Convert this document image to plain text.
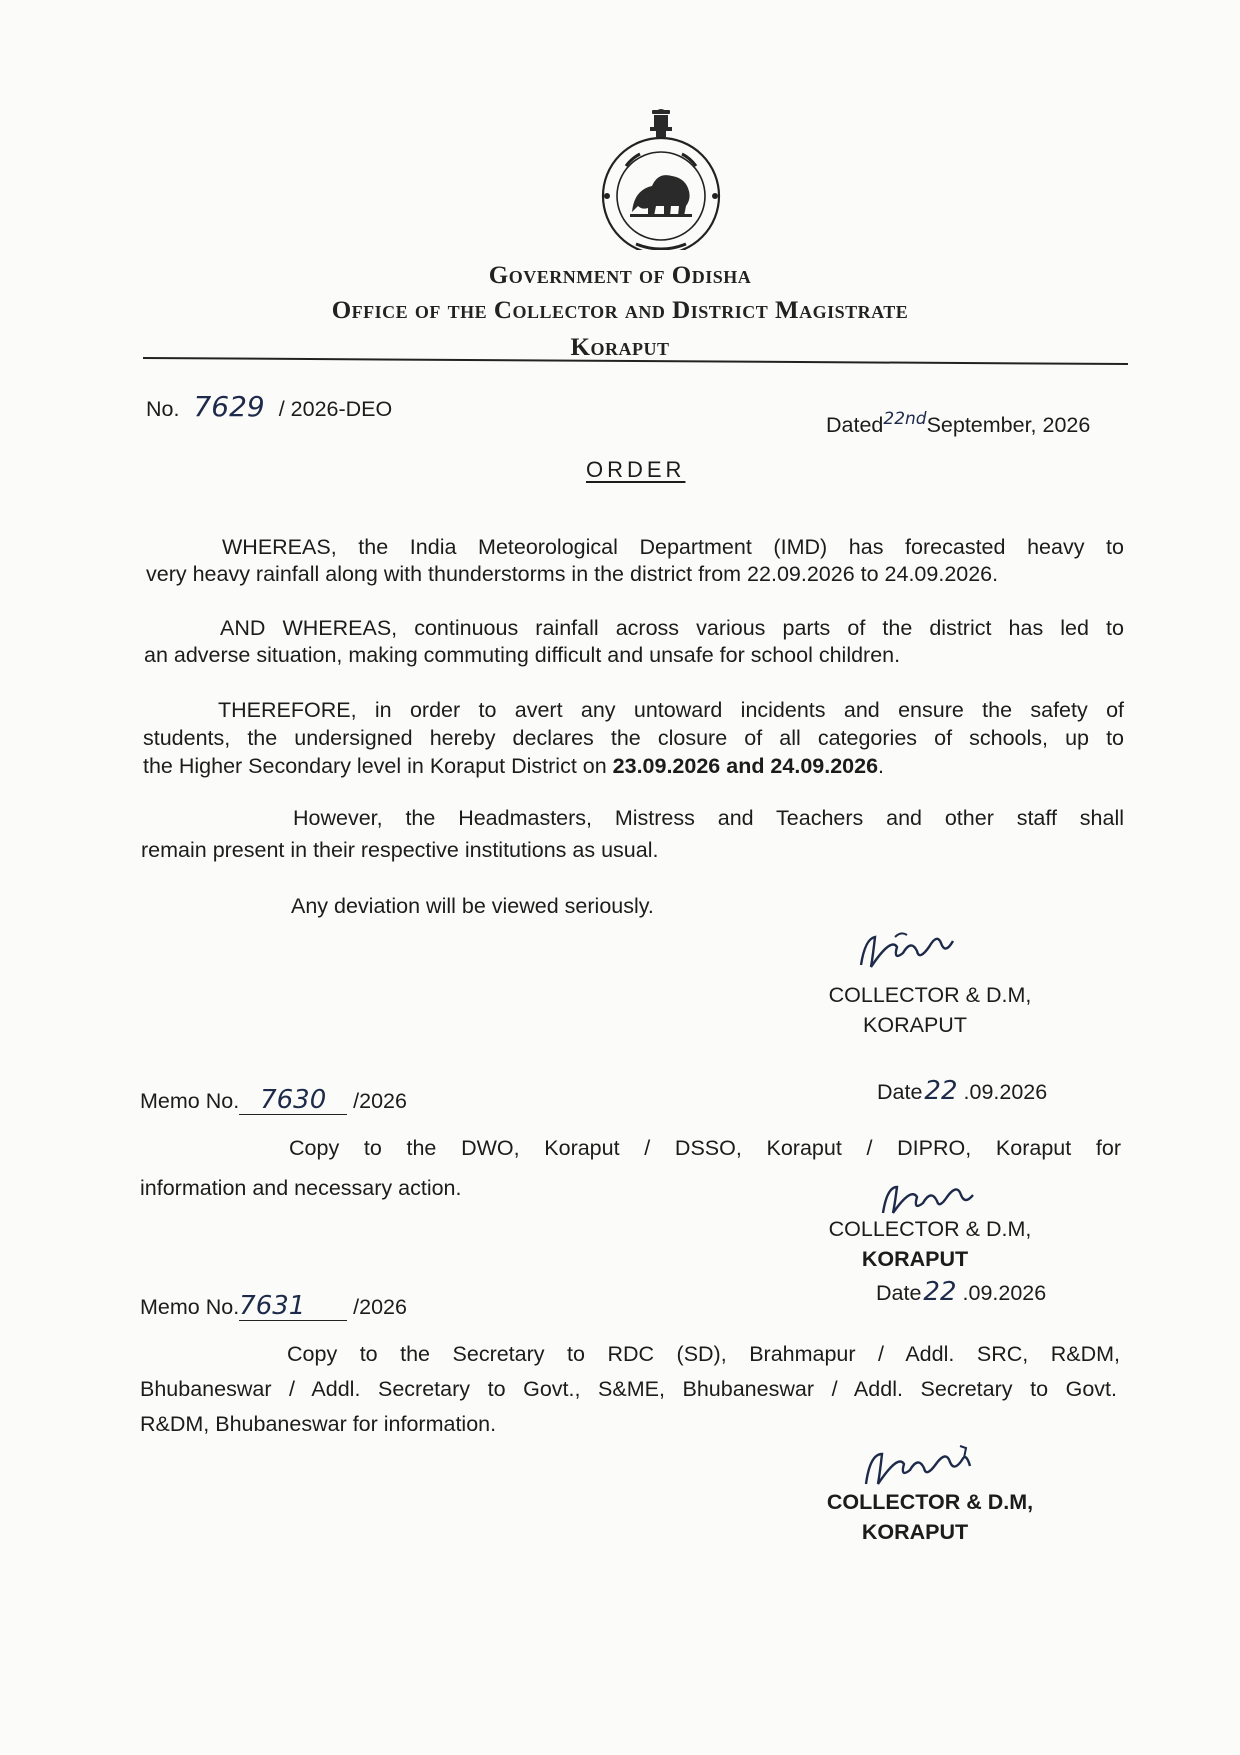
Government of Odisha
Office of the Collector and District Magistrate
Koraput
No. 7629 / 2026-DEO
Dated$^{22nd}$September, 2026
ORDER
WHEREAS, the India Meteorological Department (IMD) has forecasted heavy to
very heavy rainfall along with thunderstorms in the district from 22.09.2026 to 24.09.2026.
AND WHEREAS, continuous rainfall across various parts of the district has led to
an adverse situation, making commuting difficult and unsafe for school children.
THEREFORE, in order to avert any untoward incidents and ensure the safety of
students, the undersigned hereby declares the closure of all categories of schools, up to
the Higher Secondary level in Koraput District on 23.09.2026 and 24.09.2026.
However, the Headmasters, Mistress and Teachers and other staff shall
remain present in their respective institutions as usual.
Any deviation will be viewed seriously.
COLLECTOR & D.M,
KORAPUT
Memo No. 7630 /2026	Date22 .09.2026
Copy to the DWO, Koraput / DSSO, Koraput / DIPRO, Koraput for
information and necessary action.
COLLECTOR & D.M,
KORAPUT
Memo No.7631 /2026
Date22 .09.2026
Copy to the Secretary to RDC (SD), Brahmapur / Addl. SRC, R&DM,
Bhubaneswar / Addl. Secretary to Govt., S&ME, Bhubaneswar / Addl. Secretary to Govt.
R&DM, Bhubaneswar for information.
COLLECTOR & D.M,
KORAPUT
